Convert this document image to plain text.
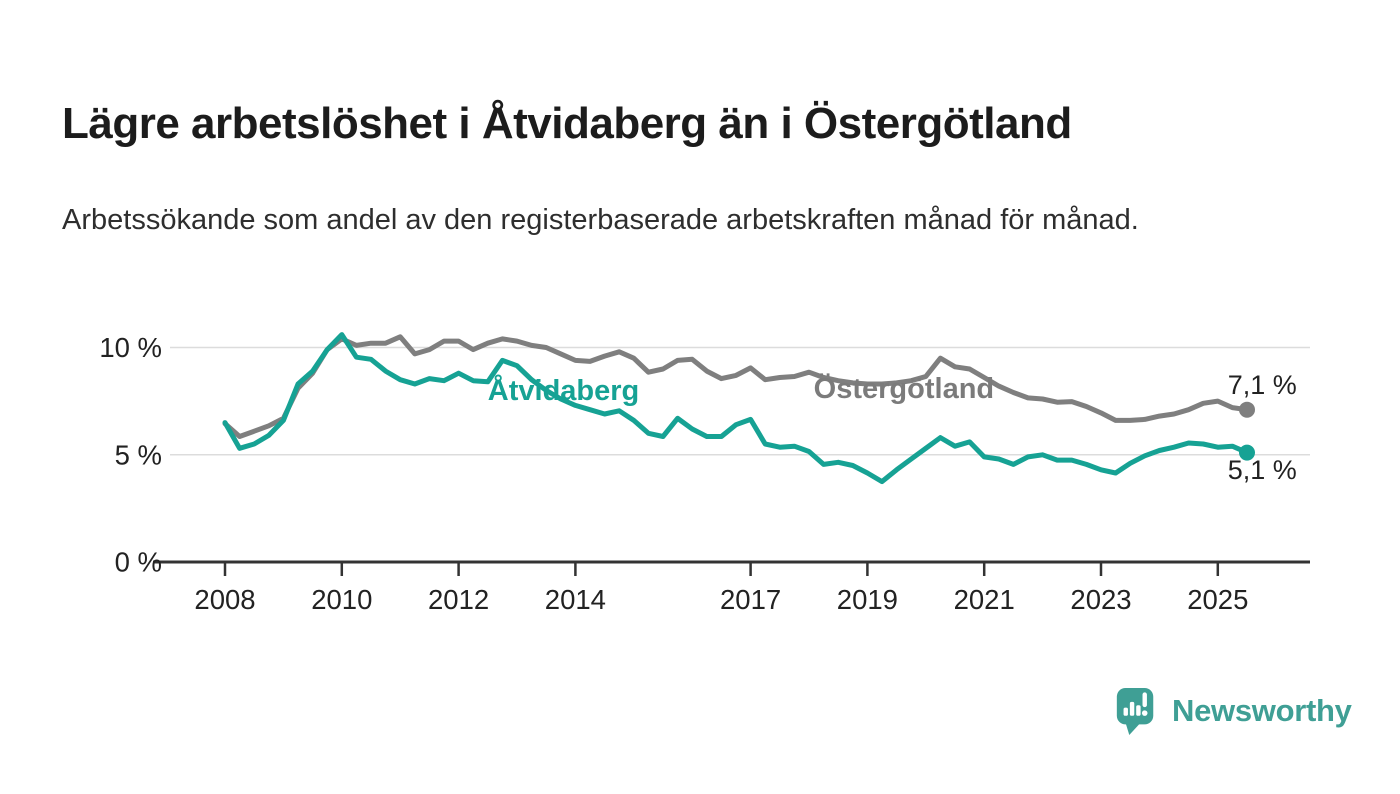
Lägre arbetslöshet i Åtvidaberg än i Östergötland

Arbetssökande som andel av den registerbaserade arbetskraften månad för månad.

2008 2010 2012 2014	2017 2019 2021 2023 2025
0 %
5 %
10 %
Östergötland	7,1 %
Åtvidaberg
5,1 %
Newsworthy
